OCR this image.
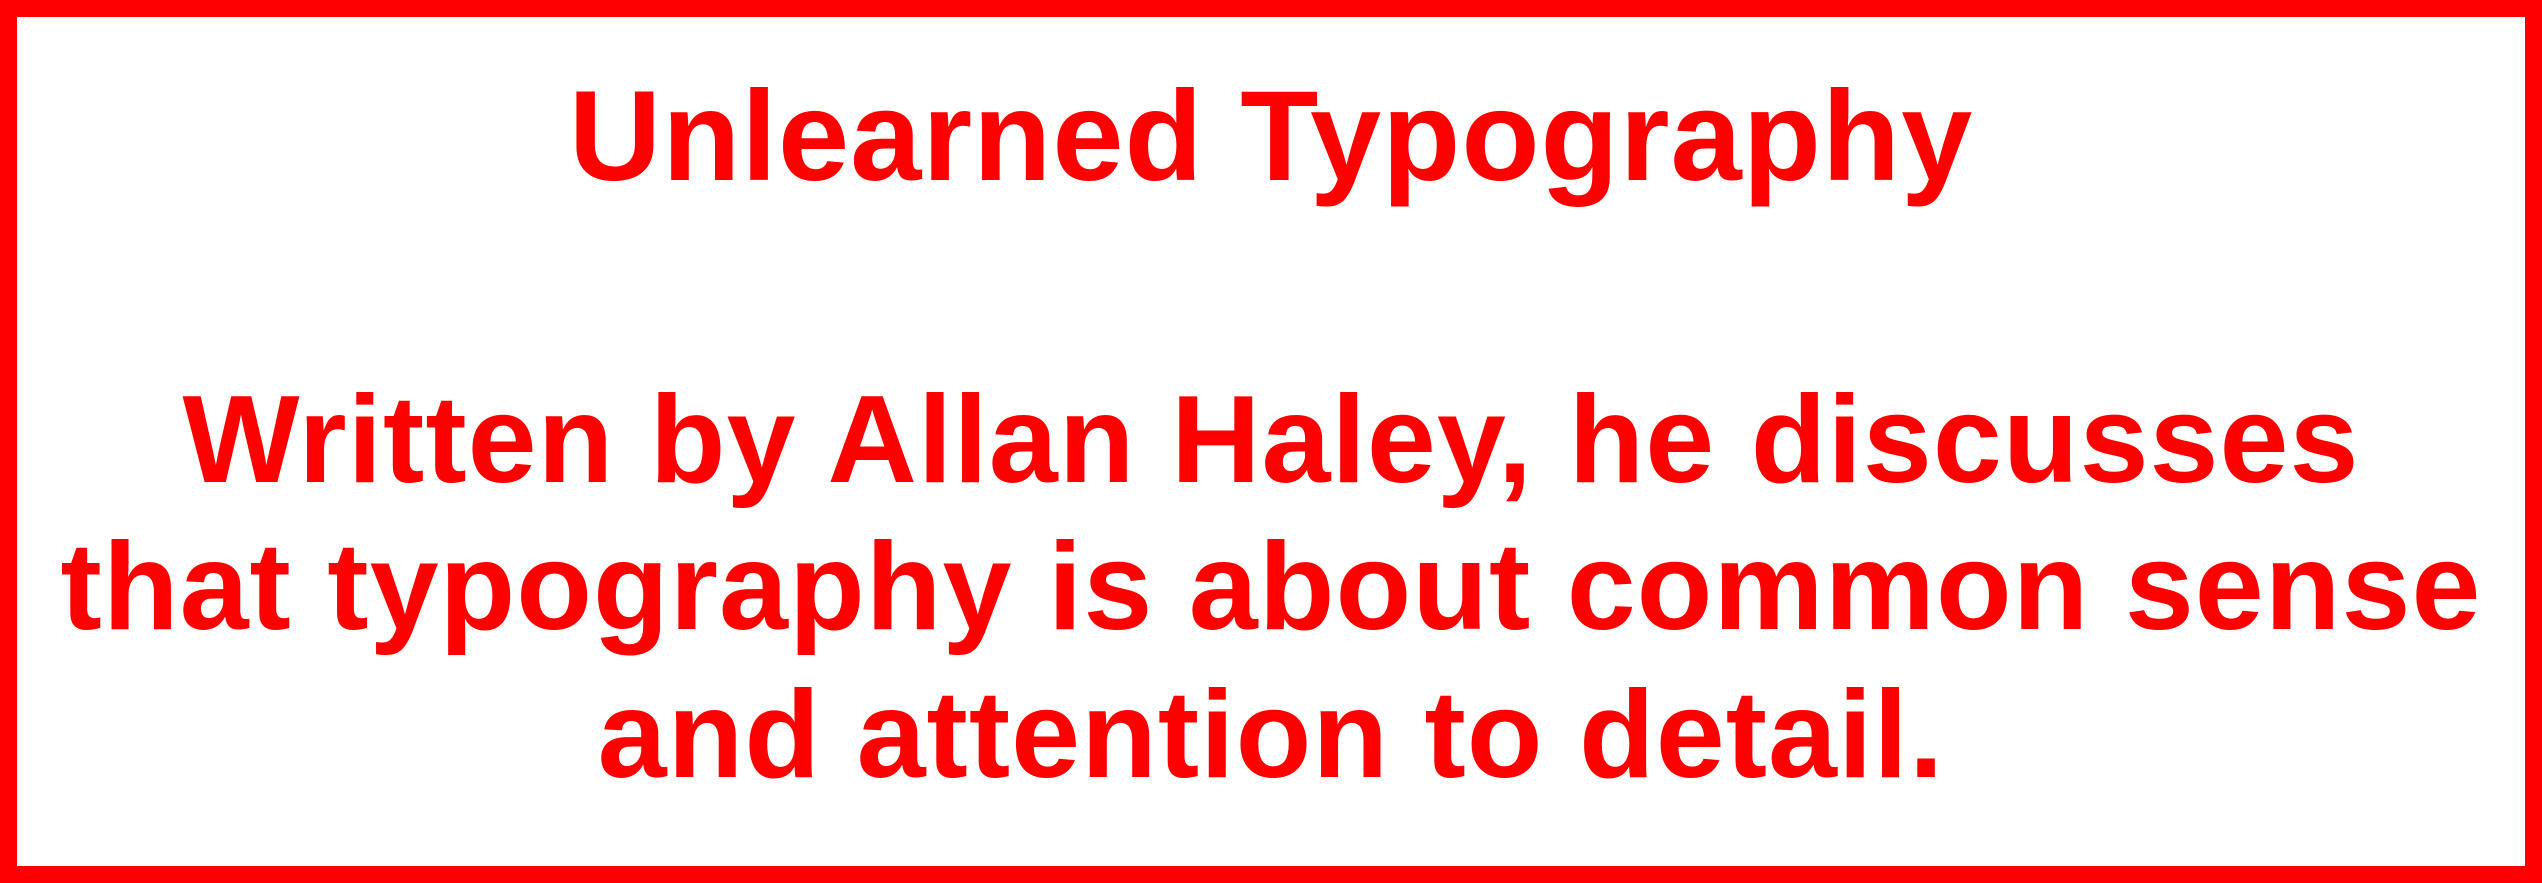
Unlearned Typography
Written by Allan Haley, he discusses
that typography is about common sense
and attention to detail.
